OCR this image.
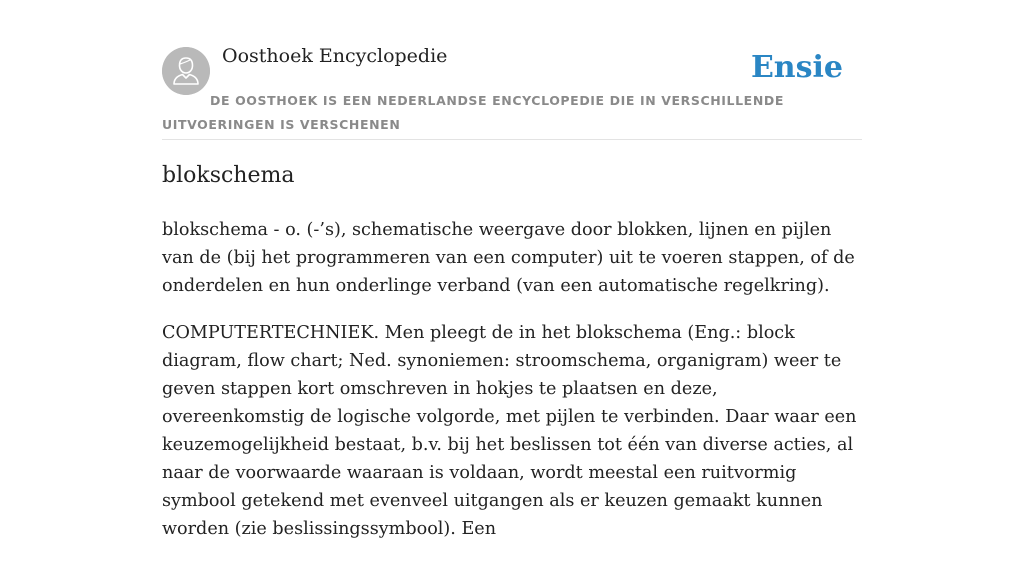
Oosthoek Encyclopedie	Ensie
DE OOSTHOEK IS EEN NEDERLANDSE ENCYCLOPEDIE DIE IN VERSCHILLENDE UITVOERINGEN IS VERSCHENEN
blokschema

blokschema - o. (-’s), schematische weergave door blokken, lijnen en pijlen van de (bij het programmeren van een computer) uit te voeren stappen, of de onderdelen en hun onderlinge verband (van een automatische regelkring).

COMPUTERTECHNIEK. Men pleegt de in het blokschema (Eng.: block diagram, flow chart; Ned. synoniemen: stroomschema, organigram) weer te geven stappen kort omschreven in hokjes te plaatsen en deze, overeenkomstig de logische volgorde, met pijlen te verbinden. Daar waar een keuzemogelijkheid bestaat, b.v. bij het beslissen tot één van diverse acties, al naar de voorwaarde waaraan is voldaan, wordt meestal een ruitvormig symbool getekend met evenveel uitgangen als er keuzen gemaakt kunnen worden (zie beslissingssymbool). Een
